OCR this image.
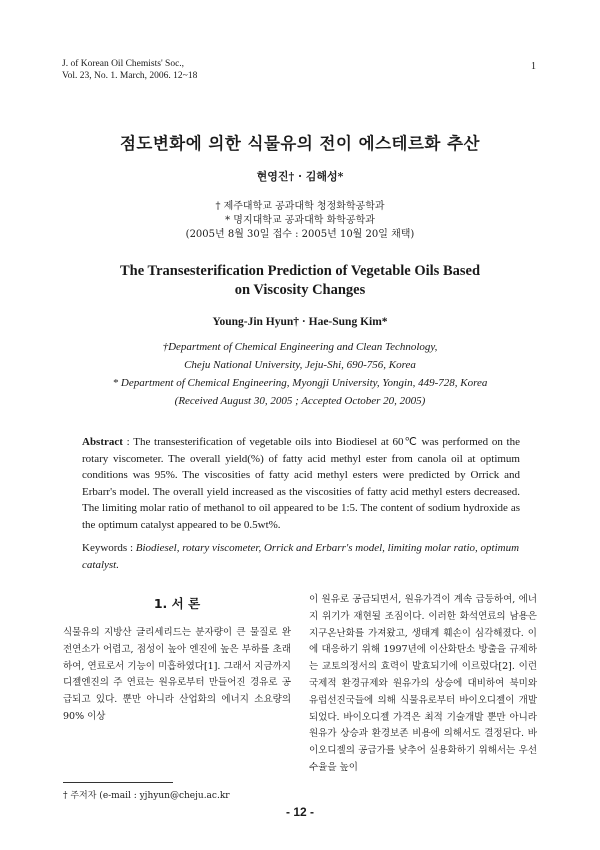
J. of Korean Oil Chemists' Soc.,
Vol. 23, No. 1. March, 2006. 12~18
1
점도변화에 의한 식물유의 전이 에스테르화 추산
현영진† · 김해성*
† 제주대학교 공과대학 청정화학공학과
* 명지대학교 공과대학 화학공학과
(2005년 8월 30일 접수 : 2005년 10월 20일 채택)
The Transesterification Prediction of Vegetable Oils Based
on Viscosity Changes
Young-Jin Hyun† · Hae-Sung Kim*
†Department of Chemical Engineering and Clean Technology,
Cheju National University, Jeju-Shi, 690-756, Korea
* Department of Chemical Engineering, Myongji University, Yongin, 449-728, Korea
(Received August 30, 2005 ; Accepted October 20, 2005)
Abstract : The transesterification of vegetable oils into Biodiesel at 60℃ was performed on the rotary viscometer. The overall yield(%) of fatty acid methyl ester from canola oil at optimum conditions was 95%. The viscosities of fatty acid methyl esters were predicted by Orrick and Erbarr's model. The overall yield increased as the viscosities of fatty acid methyl esters decreased. The limiting molar ratio of methanol to oil appeared to be 1:5. The content of sodium hydroxide as the optimum catalyst appeared to be 0.5wt%.
Keywords : Biodiesel, rotary viscometer, Orrick and Erbarr's model, limiting molar ratio, optimum catalyst.
1. 서 론
식물유의 지방산 글리세리드는 분자량이 큰 물질로 완전연소가 어렵고, 점성이 높아 엔진에 높은 부하를 초래하여, 연료로서 기능이 미흡하였다[1]. 그래서 지금까지 디젤엔진의 주 연료는 원유로부터 만들어진 경유로 공급되고 있다. 뿐만 아니라 산업화의 에너지 소요량의 90% 이상
이 원유로 공급되면서, 원유가격이 계속 급등하여, 에너지 위기가 재현될 조짐이다. 이러한 화석연료의 남용은 지구온난화를 가져왔고, 생태계 훼손이 심각해졌다. 이에 대응하기 위해 1997년에 이산화탄소 방출을 규제하는 교토의정서의 효력이 발효되기에 이르렀다[2]. 이런 국제적 환경규제와 원유가의 상승에 대비하여 북미와 유럽선진국들에 의해 식물유로부터 바이오디젤이 개발되었다. 바이오디젤 가격은 최적 기술개발 뿐만 아니라 원유가 상승과 환경보존 비용에 의해서도 결정된다. 바이오디젤의 공급가를 낮추어 실용화하기 위해서는 우선 수율을 높이
† 주저자 (e-mail : yjhyun@cheju.ac.kr
- 12 -
